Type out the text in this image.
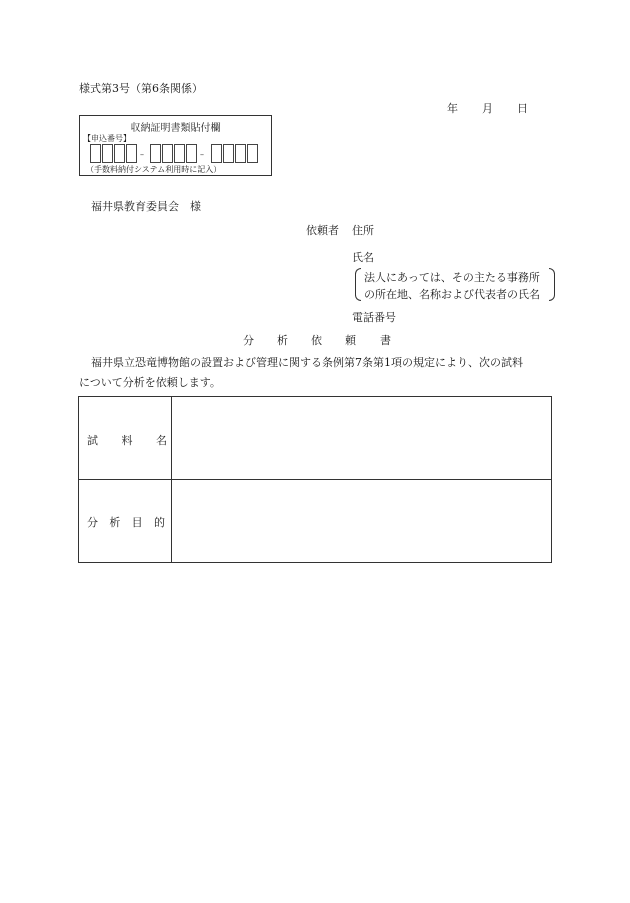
様式第3号（第6条関係）
年 月 日
収納証明書類貼付欄
【申込番号】
–	–
（手数料納付システム利用時に記入）
福井県教育委員会　様
依頼者 住所
氏名
法人にあっては、その主たる事務所
の所在地、名称および代表者の氏名
電話番号
分 析 依 頼 書
福井県立恐竜博物館の設置および管理に関する条例第7条第1項の規定により、次の試料
について分析を依頼します。
試 料 名
分 析 目 的
